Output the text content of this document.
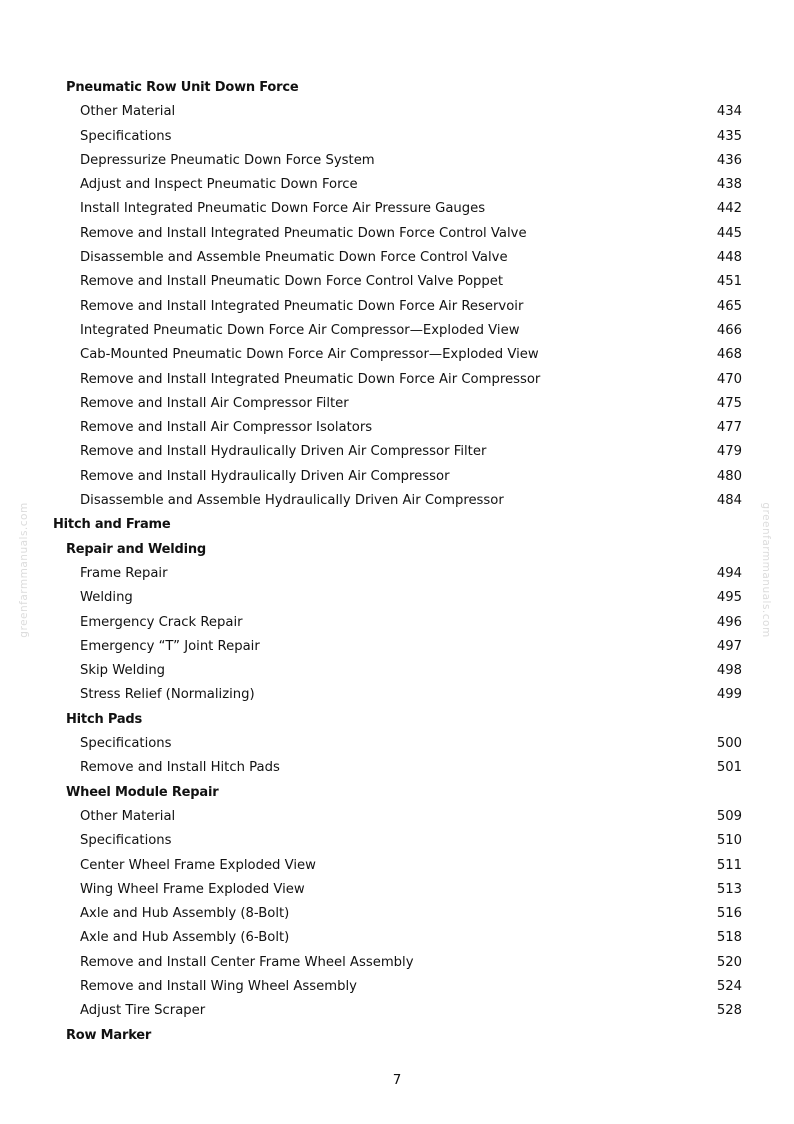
greenfarmmanuals.com	greenfarmmanuals.com
Pneumatic Row Unit Down Force
Other Material	434
Specifications	435
Depressurize Pneumatic Down Force System	436
Adjust and Inspect Pneumatic Down Force	438
Install Integrated Pneumatic Down Force Air Pressure Gauges	442
Remove and Install Integrated Pneumatic Down Force Control Valve	445
Disassemble and Assemble Pneumatic Down Force Control Valve	448
Remove and Install Pneumatic Down Force Control Valve Poppet	451
Remove and Install Integrated Pneumatic Down Force Air Reservoir	465
Integrated Pneumatic Down Force Air Compressor—Exploded View	466
Cab-Mounted Pneumatic Down Force Air Compressor—Exploded View	468
Remove and Install Integrated Pneumatic Down Force Air Compressor	470
Remove and Install Air Compressor Filter	475
Remove and Install Air Compressor Isolators	477
Remove and Install Hydraulically Driven Air Compressor Filter	479
Remove and Install Hydraulically Driven Air Compressor	480
Disassemble and Assemble Hydraulically Driven Air Compressor	484
Hitch and Frame
Repair and Welding
Frame Repair	494
Welding	495
Emergency Crack Repair	496
Emergency “T” Joint Repair	497
Skip Welding	498
Stress Relief (Normalizing)	499
Hitch Pads
Specifications	500
Remove and Install Hitch Pads	501
Wheel Module Repair
Other Material	509
Specifications	510
Center Wheel Frame Exploded View	511
Wing Wheel Frame Exploded View	513
Axle and Hub Assembly (8-Bolt)	516
Axle and Hub Assembly (6-Bolt)	518
Remove and Install Center Frame Wheel Assembly	520
Remove and Install Wing Wheel Assembly	524
Adjust Tire Scraper	528
Row Marker
7
